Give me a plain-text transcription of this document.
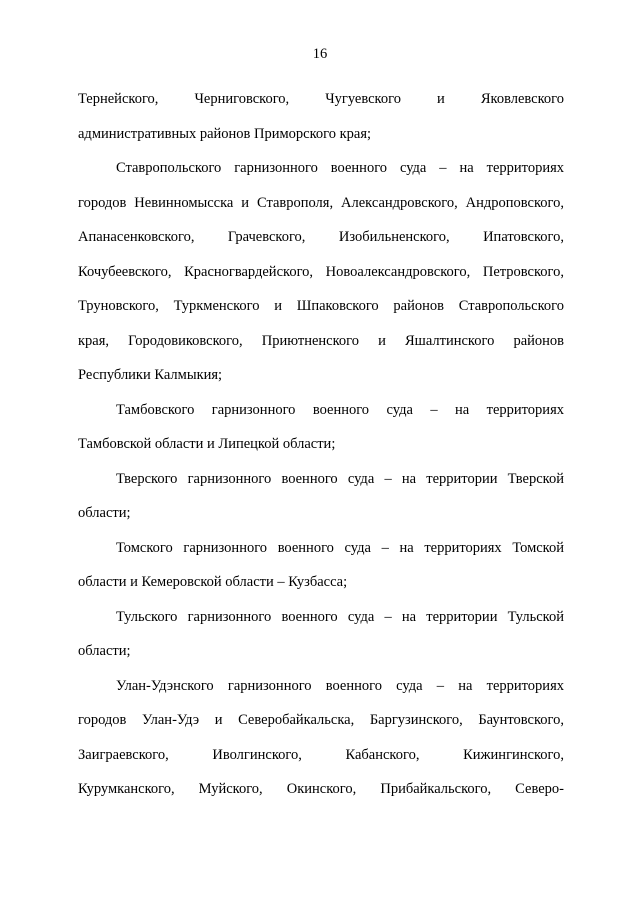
16
Тернейского, Черниговского, Чугуевского и Яковлевского
административных районов Приморского края;
Ставропольского гарнизонного военного суда – на территориях
городов Невинномысска и Ставрополя, Александровского, Андроповского,
Апанасенковского, Грачевского, Изобильненского, Ипатовского,
Кочубеевского, Красногвардейского, Новоалександровского, Петровского,
Труновского, Туркменского и Шпаковского районов Ставропольского
края, Городовиковского, Приютненского и Яшалтинского районов
Республики Калмыкия;
Тамбовского гарнизонного военного суда – на территориях
Тамбовской области и Липецкой области;
Тверского гарнизонного военного суда – на территории Тверской
области;
Томского гарнизонного военного суда – на территориях Томской
области и Кемеровской области – Кузбасса;
Тульского гарнизонного военного суда – на территории Тульской
области;
Улан-Удэнского гарнизонного военного суда – на территориях
городов Улан-Удэ и Северобайкальска, Баргузинского, Баунтовского,
Заиграевского, Иволгинского, Кабанского, Кижингинского,
Курумканского, Муйского, Окинского, Прибайкальского, Северо-
